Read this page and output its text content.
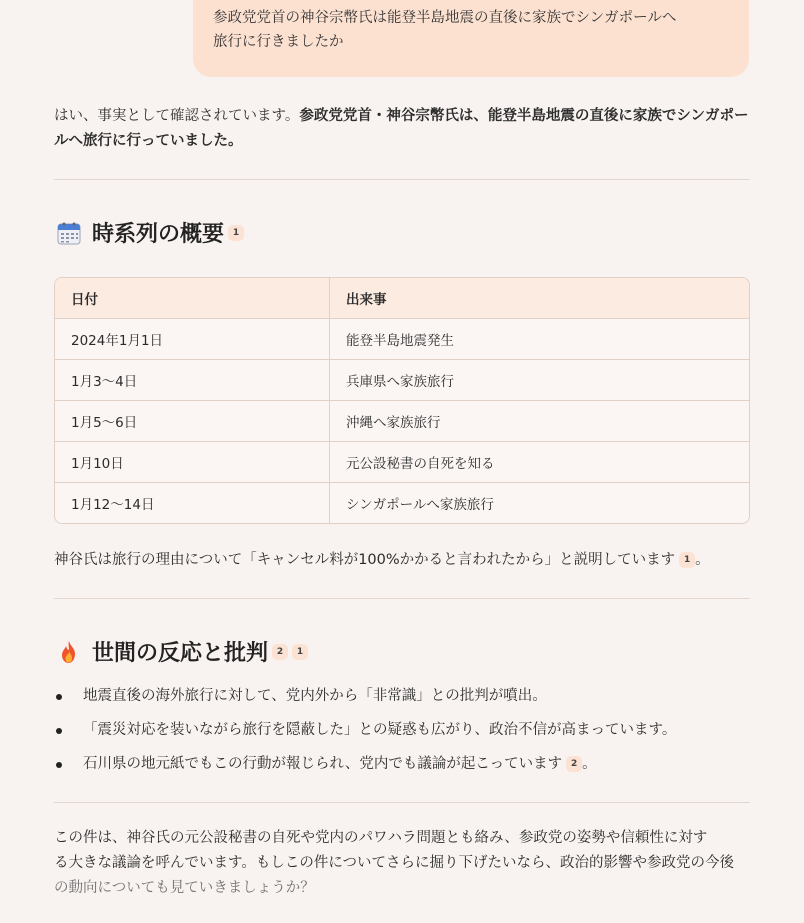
参政党党首の神谷宗幣氏は能登半島地震の直後に家族でシンガポールへ
旅行に行きましたか
はい、事実として確認されています。参政党党首・神谷宗幣氏は、能登半島地震の直後に家族でシンガポールへ旅行に行っていました。
時系列の概要 1
日付	出来事
2024年1月1日	能登半島地震発生
1月3〜4日	兵庫県へ家族旅行
1月5〜6日	沖縄へ家族旅行
1月10日	元公設秘書の自死を知る
1月12〜14日	シンガポールへ家族旅行
神谷氏は旅行の理由について「キャンセル料が100%かかると言われたから」と説明しています 1 。
世間の反応と批判 2	1
地震直後の海外旅行に対して、党内外から「非常識」との批判が噴出。
「震災対応を装いながら旅行を隠蔽した」との疑惑も広がり、政治不信が高まっています。
石川県の地元紙でもこの行動が報じられ、党内でも議論が起こっています 2 。
この件は、神谷氏の元公設秘書の自死や党内のパワハラ問題とも絡み、参政党の姿勢や信頼性に対す
る大きな議論を呼んでいます。もしこの件についてさらに掘り下げたいなら、政治的影響や参政党の今後
の動向についても見ていきましょうか？
